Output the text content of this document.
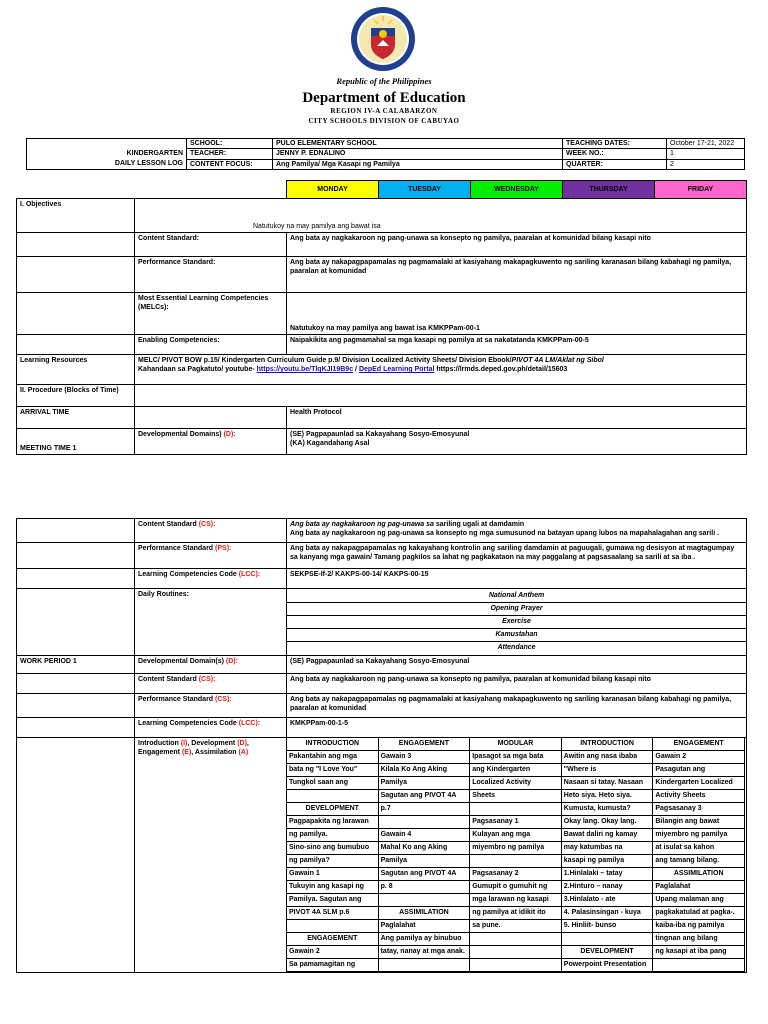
Republic of the Philippines
Department of Education
REGION IV-A CALABARZON
CITY SCHOOLS DIVISION OF CABUYAO
KINDERGARTEN
DAILY LESSON LOG	SCHOOL:	PULO ELEMENTARY SCHOOL	TEACHING DATES:	October 17-21, 2022
	TEACHER:	JENNY P. EDNALINO	WEEK NO.:	1
	CONTENT FOCUS:	Ang Pamilya/ Mga Kasapi ng Pamilya	QUARTER:	2
		MONDAY	TUESDAY	WEDNESDAY	THURSDAY	FRIDAY
I. Objectives	Natutukoy na may pamilya ang bawat isa					
	Content Standard:	Ang bata ay nagkakaroon ng pang-unawa sa konsepto ng pamilya, paaralan at komunidad bilang kasapi nito				
	Performance Standard:	Ang bata ay nakapagpapamalas ng pagmamalaki at kasiyahang makapagkuwento ng sariling karanasan bilang kabahagi ng pamilya, paaralan at komunidad				
	Most Essential Learning Competencies (MELCs):	Natutukoy na may pamilya ang bawat isa KMKPPam-00-1				
	Enabling Competencies:	Naipakikita ang pagmamahal sa mga kasapi ng pamilya at sa nakatatanda KMKPPam-00-5				
Learning Resources	MELC/ PIVOT BOW p.15/ Kindergarten Curriculum Guide p.9/ Division Localized Activity Sheets/ Division Ebook/PIVOT 4A LM/Aklat ng Sibol
Kahandaan sa Pagkatuto/ youtube- https://youtu.be/TlqKJI19B9c / DepEd Learning Portal https://lrmds.deped.gov.ph/detail/15603					
II. Procedure (Blocks of Time)						
ARRIVAL TIME		Health Protocol				
MEETING TIME 1	Developmental Domains) (D):	(SE) Pagpapaunlad sa Kakayahang Sosyo-Emosyunal
(KA) Kagandahang Asal				
	Content Standard (CS):	Ang bata ay nagkakaroon ng pag-unawa sa sariling ugali at damdamin
Ang bata ay nagkakaroon ng pag-unawa sa konsepto ng mga sumusunod na batayan upang lubos na mapahalagahan ang sarili .
	Performance Standard (PS):	Ang bata ay nakapagpapamalas ng kakayahang kontrolin ang sariling damdamin at paguugali, gumawa ng desisyon at magtagumpay sa kanyang mga gawain/ Tamang pagkilos sa lahat ng pagkakataon na may paggalang at pagsasaalang sa sarili at sa iba .
	Learning Competencies Code (LCC):	SEKPSE-If-2/ KAKPS-00-14/ KAKPS-00-15
	Daily Routines:	National Anthem
Opening Prayer
Exercise
Kamustahan
Attendance

WORK PERIOD 1	Developmental Domain(s) (D):	(SE) Pagpapaunlad sa Kakayahang Sosyo-Emosyunal
	Content Standard (CS):	Ang bata ay nagkakaroon ng pang-unawa sa konsepto ng pamilya, paaralan at komunidad bilang kasapi nito
	Performance Standard (CS):	Ang bata ay nakapagpapamalas ng pagmamalaki at kasiyahang makapagkuwento ng sariling karanasan bilang kabahagi ng pamilya, paaralan at komunidad
	Learning Competencies Code (LCC):	KMKPPam-00-1-5
	Introduction (I), Development (D), Engagement (E), Assimilation (A)	
INTRODUCTION	ENGAGEMENT	MODULAR	INTRODUCTION	ENGAGEMENT
Pakantahin ang mga	Gawain 3	Ipasagot sa mga bata	Awitin ang nasa ibaba	Gawain 2
bata ng "I Love You"	Kilala Ko Ang Aking	ang Kindergarten	"Where is	Pasagutan ang
Tungkol saan ang	Pamilya	Localized Activity	Nasaan si tatay. Nasaan	Kindergarten Localized
	Sagutan ang PIVOT 4A	Sheets	Heto siya. Heto siya.	Activity Sheets
DEVELOPMENT	p.7		Kumusta, kumusta?	Pagsasanay 3
Pagpapakita ng larawan		Pagsasanay 1	Okay lang. Okay lang.	Bilangin ang bawat
ng pamilya.	Gawain 4	Kulayan ang mga	Bawat daliri ng kamay	miyembro ng pamilya
Sino-sino ang bumubuo	Mahal Ko ang Aking	miyembro ng pamilya	may katumbas na	at isulat sa kahon
ng pamilya?	Pamilya		kasapi ng pamilya	ang tamang bilang.
Gawain 1	Sagutan ang PIVOT 4A	Pagsasanay 2	1.Hinlalaki – tatay	ASSIMILATION
Tukuyin ang kasapi ng	p. 8	Gumupit o gumuhit ng	2.Hinturo – nanay	Paglalahat
Pamilya. Sagutan ang		mga larawan ng kasapi	3.Hinlalato - ate	Upang malaman ang
PIVOT 4A SLM p.6	ASSIMILATION	ng pamilya at idikit ito	4. Palasinsingan - kuya	pagkakatulad at pagka-.
	Paglalahat	sa pune.	5. Hinliit- bunso	kaiba-iba ng pamilya
ENGAGEMENT	Ang pamilya ay binubuo			tingnan ang bilang
Gawain 2	tatay, nanay at mga anak.		DEVELOPMENT	ng kasapi at iba pang
Sa pamamagitan ng			Powerpoint Presentation	
